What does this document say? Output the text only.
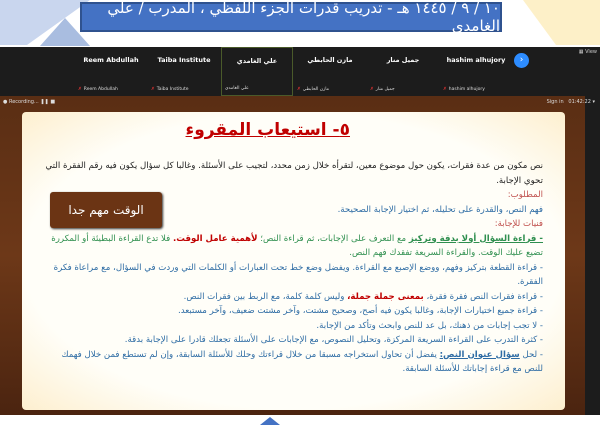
١٠ / ٩ / ١٤٤٥ هـ - تدريب قدرات الجزء اللفظي ، المدرب / علي الغامدي
Reem Abdullah
✗ Reem Abdullah
Taiba Institute
✗ Taiba Institute
علي الغامدي
علي الغامدي
مازن الحابطي
✗ مازن الحابطي
جميل منار
✗ جميل منار
hashim alhujory
✗ hashim alhujory
›
▦ View
● Recording... ❚❚ ■	Sign in 01:42:22 ▾
٥- استيعاب المقروء
نص مكون من عدة فقرات، يكون حول موضوع معين، لتقرأه خلال زمن محدد، لتجيب على الأسئلة. وغالبا كل سؤال يكون فيه رقم الفقرة التي تحوي الإجابة.
المطلوب:
فهم النص، والقدرة على تحليله، ثم اختيار الإجابة الصحيحة.
فنيات للإجابة:
- قراءة السؤال أولا بدقة وتركيز مع التعرف على الإجابات، ثم قراءة النص؛ لأهمية عامل الوقت. فلا تدع القراءة البطيئة أو المكررة تضيع عليك الوقت. والقراءة السريعة تفقدك فهم النص.
- قراءة القطعة بتركيز وفهم، ووضع الإصبع مع القراءة. ويفضل وضع خط تحت العبارات أو الكلمات التي وردت في السؤال، مع مراعاة فكرة الفقرة.
- قراءة فقرات النص فقرة فقرة، بمعنى جملة جملة، وليس كلمة كلمة، مع الربط بين فقرات النص.
- قراءة جميع اختيارات الإجابة، وغالبا يكون فيه أصح، وصحيح مشتت، وآخر مشتت ضعيف، وآخر مستبعد.
- لا تجب إجابات من ذهنك، بل عد للنص وابحث وتأكد من الإجابة.
- كثرة التدرب على القراءة السريعة المركزة، وتحليل النصوص، مع الإجابات على الأسئلة تجعلك قادرا على الإجابة بدقة.
- لحل سؤال عنوان النص: يفضل أن تحاول استخراجه مسبقا من خلال قراءتك وحلك للأسئلة السابقة، وإن لم تستطع فمن خلال فهمك للنص مع قراءة إجاباتك للأسئلة السابقة.
الوقت مهم جدا
